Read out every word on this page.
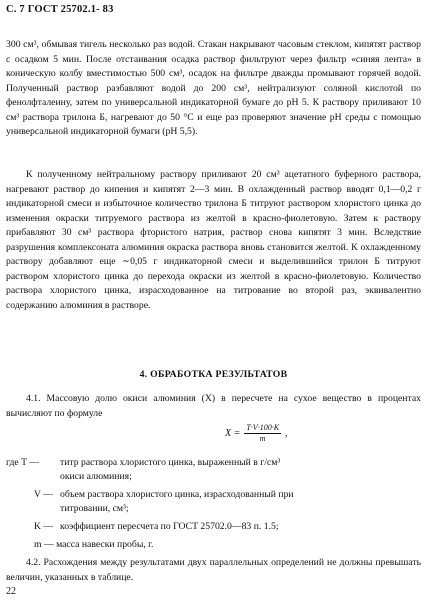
С. 7 ГОСТ 25702.1- 83

300 см³, обмывая тигель несколько раз водой. Стакан накрывают часовым стеклом, кипятят раствор с осадком 5 мин. После отстаивания осадка раствор фильтруют через фильтр «синяя лента» в коническую колбу вместимостью 500 см³, осадок на фильтре дважды промывают горячей водой. Полученный раствор разбавляют водой до 200 см³, нейтрализуют соляной кислотой по фенолфталеину, затем по универсальной индикаторной бумаге до pH 5. К раствору приливают 10 см³ раствора трилона Б, нагревают до 50 °С и еще раз проверяют значение pH среды с помощью универсальной индикаторной бумаги (pH 5,5).

К полученному нейтральному раствору приливают 20 см³ ацетатного буферного раствора, нагревают раствор до кипения и кипятят 2—3 мин. В охлажденный раствор вводят 0,1—0,2 г индикаторной смеси и избыточное количество трилона Б титруют раствором хлористого цинка до изменения окраски титруемого раствора из желтой в красно-фиолетовую. Затем к раствору прибавляют 30 см³ раствора фтористого натрия, раствор снова кипятят 3 мин. Вследствие разрушения комплексоната алюминия окраска раствора вновь становится желтой. К охлажденному раствору добавляют еще ∼0,05 г индикаторной смеси и выделившийся трилон Б титруют раствором хлористого цинка до перехода окраски из желтой в красно-фиолетовую. Количество раствора хлористого цинка, израсходованное на титрование во второй раз, эквивалентно содержанию алюминия в растворе.

4. ОБРАБОТКА РЕЗУЛЬТАТОВ

4.1. Массовую долю окиси алюминия (X) в пересчете на сухое вещество в процентах вычисляют по формуле

$X = \frac{T\cdot V\cdot 100\cdot K}{m}$ ,
где T — титр раствора хлористого цинка, выраженный в г/см³
окиси алюминия;
V — объем раствора хлористого цинка, израсходованный при
титровании, см³;
K — коэффициент пересчета по ГОСТ 25702.0—83 п. 1.5;
m — масса навески пробы, г.

4.2. Расхождения между результатами двух параллельных определений не должны превышать величин, указанных в таблице.

22
